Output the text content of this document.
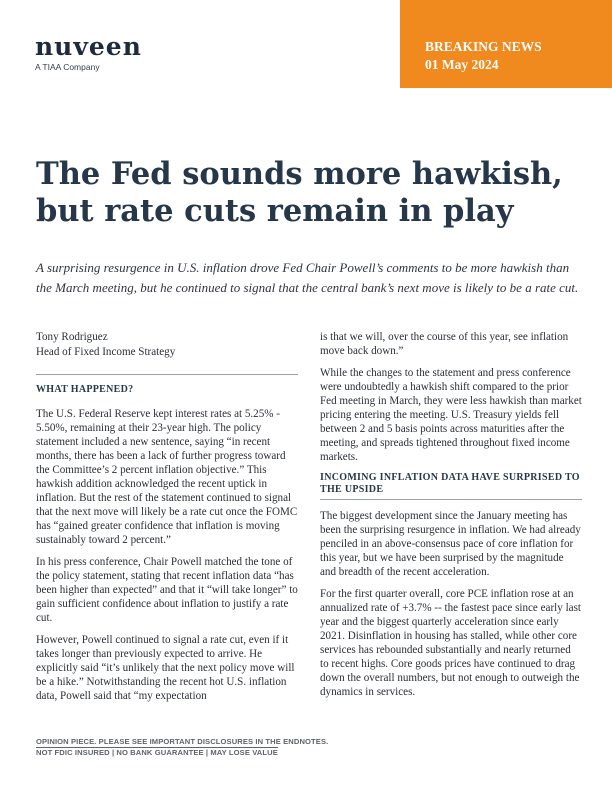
nuveen
A TIAA Company
BREAKING NEWS
01 May 2024
The Fed sounds more hawkish,
but rate cuts remain in play

A surprising resurgence in U.S. inflation drove Fed Chair Powell’s comments to be more hawkish than the March meeting, but he continued to signal that the central bank’s next move is likely to be a rate cut.

Tony Rodriguez
Head of Fixed Income Strategy
WHAT HAPPENED?

The U.S. Federal Reserve kept interest rates at 5.25% - 5.50%, remaining at their 23-year high. The policy statement included a new sentence, saying “in recent months, there has been a lack of further progress toward the Committee’s 2 percent inflation objective.” This hawkish addition acknowledged the recent uptick in inflation. But the rest of the statement continued to signal that the next move will likely be a rate cut once the FOMC has “gained greater confidence that inflation is moving sustainably toward 2 percent.”

In his press conference, Chair Powell matched the tone of the policy statement, stating that recent inflation data “has been higher than expected” and that it “will take longer” to gain sufficient confidence about inflation to justify a rate cut.

However, Powell continued to signal a rate cut, even if it takes longer than previously expected to arrive. He explicitly said “it’s unlikely that the next policy move will be a hike.” Notwithstanding the recent hot U.S. inflation data, Powell said that “my expectation

is that we will, over the course of this year, see inflation move back down.”

While the changes to the statement and press conference were undoubtedly a hawkish shift compared to the prior Fed meeting in March, they were less hawkish than market pricing entering the meeting. U.S. Treasury yields fell between 2 and 5 basis points across maturities after the meeting, and spreads tightened throughout fixed income markets.

INCOMING INFLATION DATA HAVE SURPRISED TO THE UPSIDE

The biggest development since the January meeting has been the surprising resurgence in inflation. We had already penciled in an above-consensus pace of core inflation for this year, but we have been surprised by the magnitude and breadth of the recent acceleration.

For the first quarter overall, core PCE inflation rose at an annualized rate of +3.7% -- the fastest pace since early last year and the biggest quarterly acceleration since early 2021. Disinflation in housing has stalled, while other core services has rebounded substantially and nearly returned to recent highs. Core goods prices have continued to drag down the overall numbers, but not enough to outweigh the dynamics in services.

OPINION PIECE. PLEASE SEE IMPORTANT DISCLOSURES IN THE ENDNOTES.
NOT FDIC INSURED | NO BANK GUARANTEE | MAY LOSE VALUE
